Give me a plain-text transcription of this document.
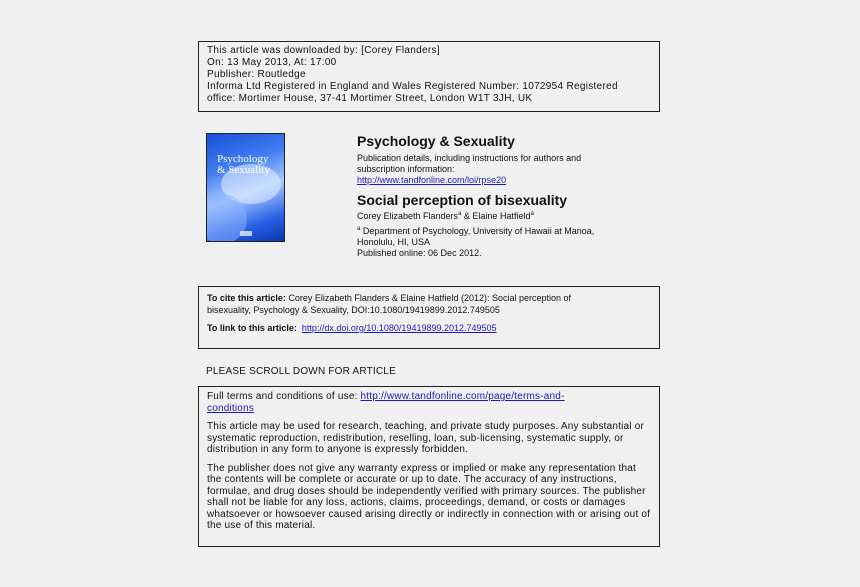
This article was downloaded by: [Corey Flanders]
On: 13 May 2013, At: 17:00
Publisher: Routledge
Informa Ltd Registered in England and Wales Registered Number: 1072954 Registered
office: Mortimer House, 37-41 Mortimer Street, London W1T 3JH, UK
Psychology
& Sexuality
Psychology & Sexuality
Publication details, including instructions for authors and
subscription information:
http://www.tandfonline.com/loi/rpse20
Social perception of bisexuality
Corey Elizabeth Flanders$^a$ & Elaine Hatfield$^a$
$^a$ Department of Psychology, University of Hawaii at Manoa,
Honolulu, HI, USA
Published online: 06 Dec 2012.
To cite this article: Corey Elizabeth Flanders & Elaine Hatfield (2012): Social perception of
bisexuality, Psychology & Sexuality, DOI:10.1080/19419899.2012.749505
To link to this article: http://dx.doi.org/10.1080/19419899.2012.749505
PLEASE SCROLL DOWN FOR ARTICLE

Full terms and conditions of use: http://www.tandfonline.com/page/terms-and-
conditions

This article may be used for research, teaching, and private study purposes. Any substantial or systematic reproduction, redistribution, reselling, loan, sub-licensing, systematic supply, or distribution in any form to anyone is expressly forbidden.

The publisher does not give any warranty express or implied or make any representation that the contents will be complete or accurate or up to date. The accuracy of any instructions, formulae, and drug doses should be independently verified with primary sources. The publisher shall not be liable for any loss, actions, claims, proceedings, demand, or costs or damages whatsoever or howsoever caused arising directly or indirectly in connection with or arising out of the use of this material.
